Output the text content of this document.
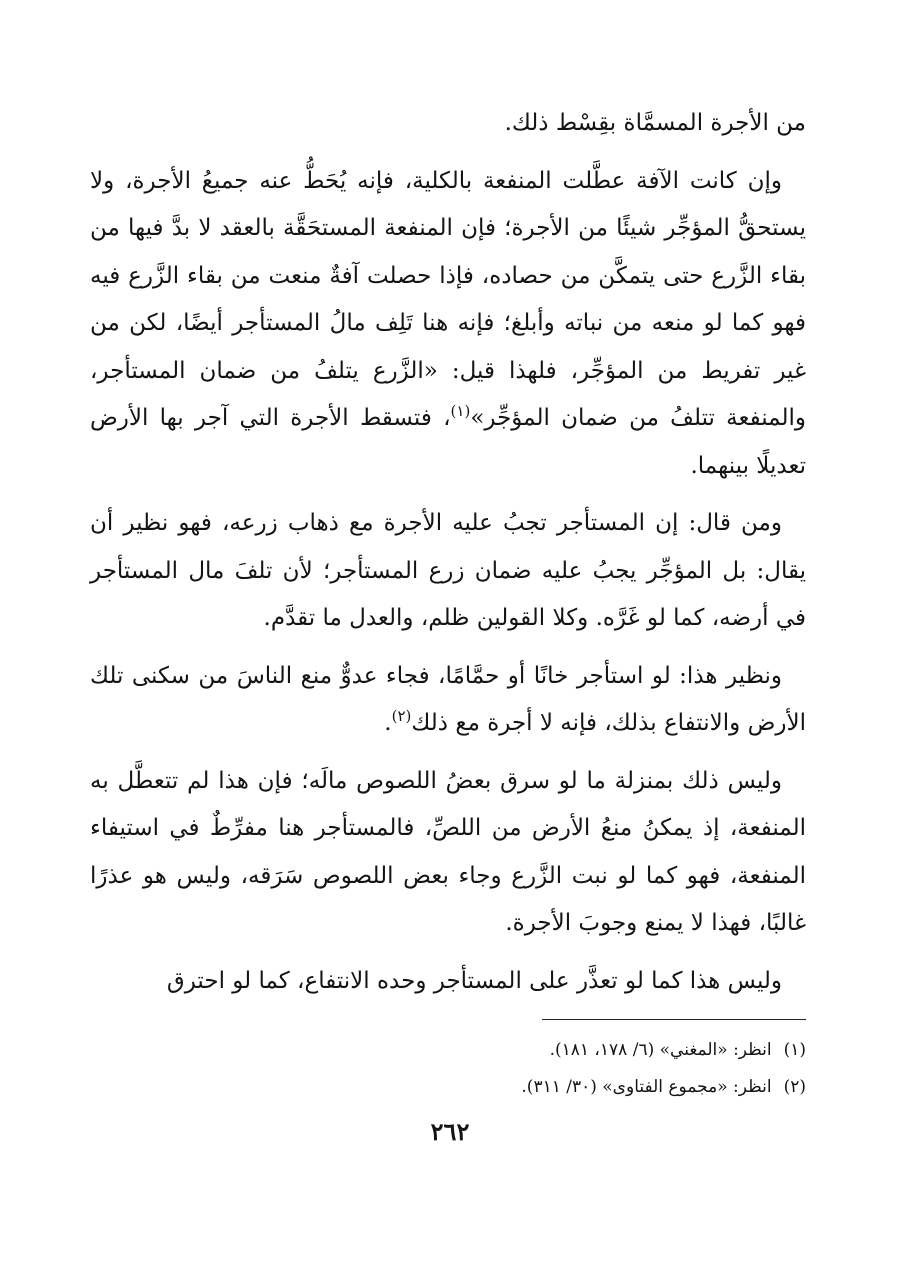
من الأجرة المسمَّاة بقِسْط ذلك.

وإن كانت الآفة عطَّلت المنفعة بالكلية، فإنه يُحَطُّ عنه جميعُ الأجرة، ولا يستحقُّ المؤجِّر شيئًا من الأجرة؛ فإن المنفعة المستحَقَّة بالعقد لا بدَّ فيها من بقاء الزَّرع حتى يتمكَّن من حصاده، فإذا حصلت آفةٌ منعت من بقاء الزَّرع فيه فهو كما لو منعه من نباته وأبلغ؛ فإنه هنا تَلِف مالُ المستأجر أيضًا، لكن من غير تفريط من المؤجِّر، فلهذا قيل: «الزَّرع يتلفُ من ضمان المستأجر، والمنفعة تتلفُ من ضمان المؤجِّر»$^{(١)}$، فتسقط الأجرة التي آجر بها الأرض تعديلًا بينهما.

ومن قال: إن المستأجر تجبُ عليه الأجرة مع ذهاب زرعه، فهو نظير أن يقال: بل المؤجِّر يجبُ عليه ضمان زرع المستأجر؛ لأن تلفَ مال المستأجر في أرضه، كما لو غَرَّه. وكلا القولين ظلم، والعدل ما تقدَّم.

ونظير هذا: لو استأجر خانًا أو حمَّامًا، فجاء عدوٌّ منع الناسَ من سكنى تلك الأرض والانتفاع بذلك، فإنه لا أجرة مع ذلك$^{(٢)}$.

وليس ذلك بمنزلة ما لو سرق بعضُ اللصوص مالَه؛ فإن هذا لم تتعطَّل به المنفعة، إذ يمكنُ منعُ الأرض من اللصِّ، فالمستأجر هنا مفرِّطٌ في استيفاء المنفعة، فهو كما لو نبت الزَّرع وجاء بعض اللصوص سَرَقه، وليس هو عذرًا غالبًا، فهذا لا يمنع وجوبَ الأجرة.

وليس هذا كما لو تعذَّر على المستأجر وحده الانتفاع، كما لو احترق

(١)انظر: «المغني» (٦/ ١٧٨، ١٨١).

(٢)انظر: «مجموع الفتاوى» (٣٠/ ٣١١).

٢٦٢
